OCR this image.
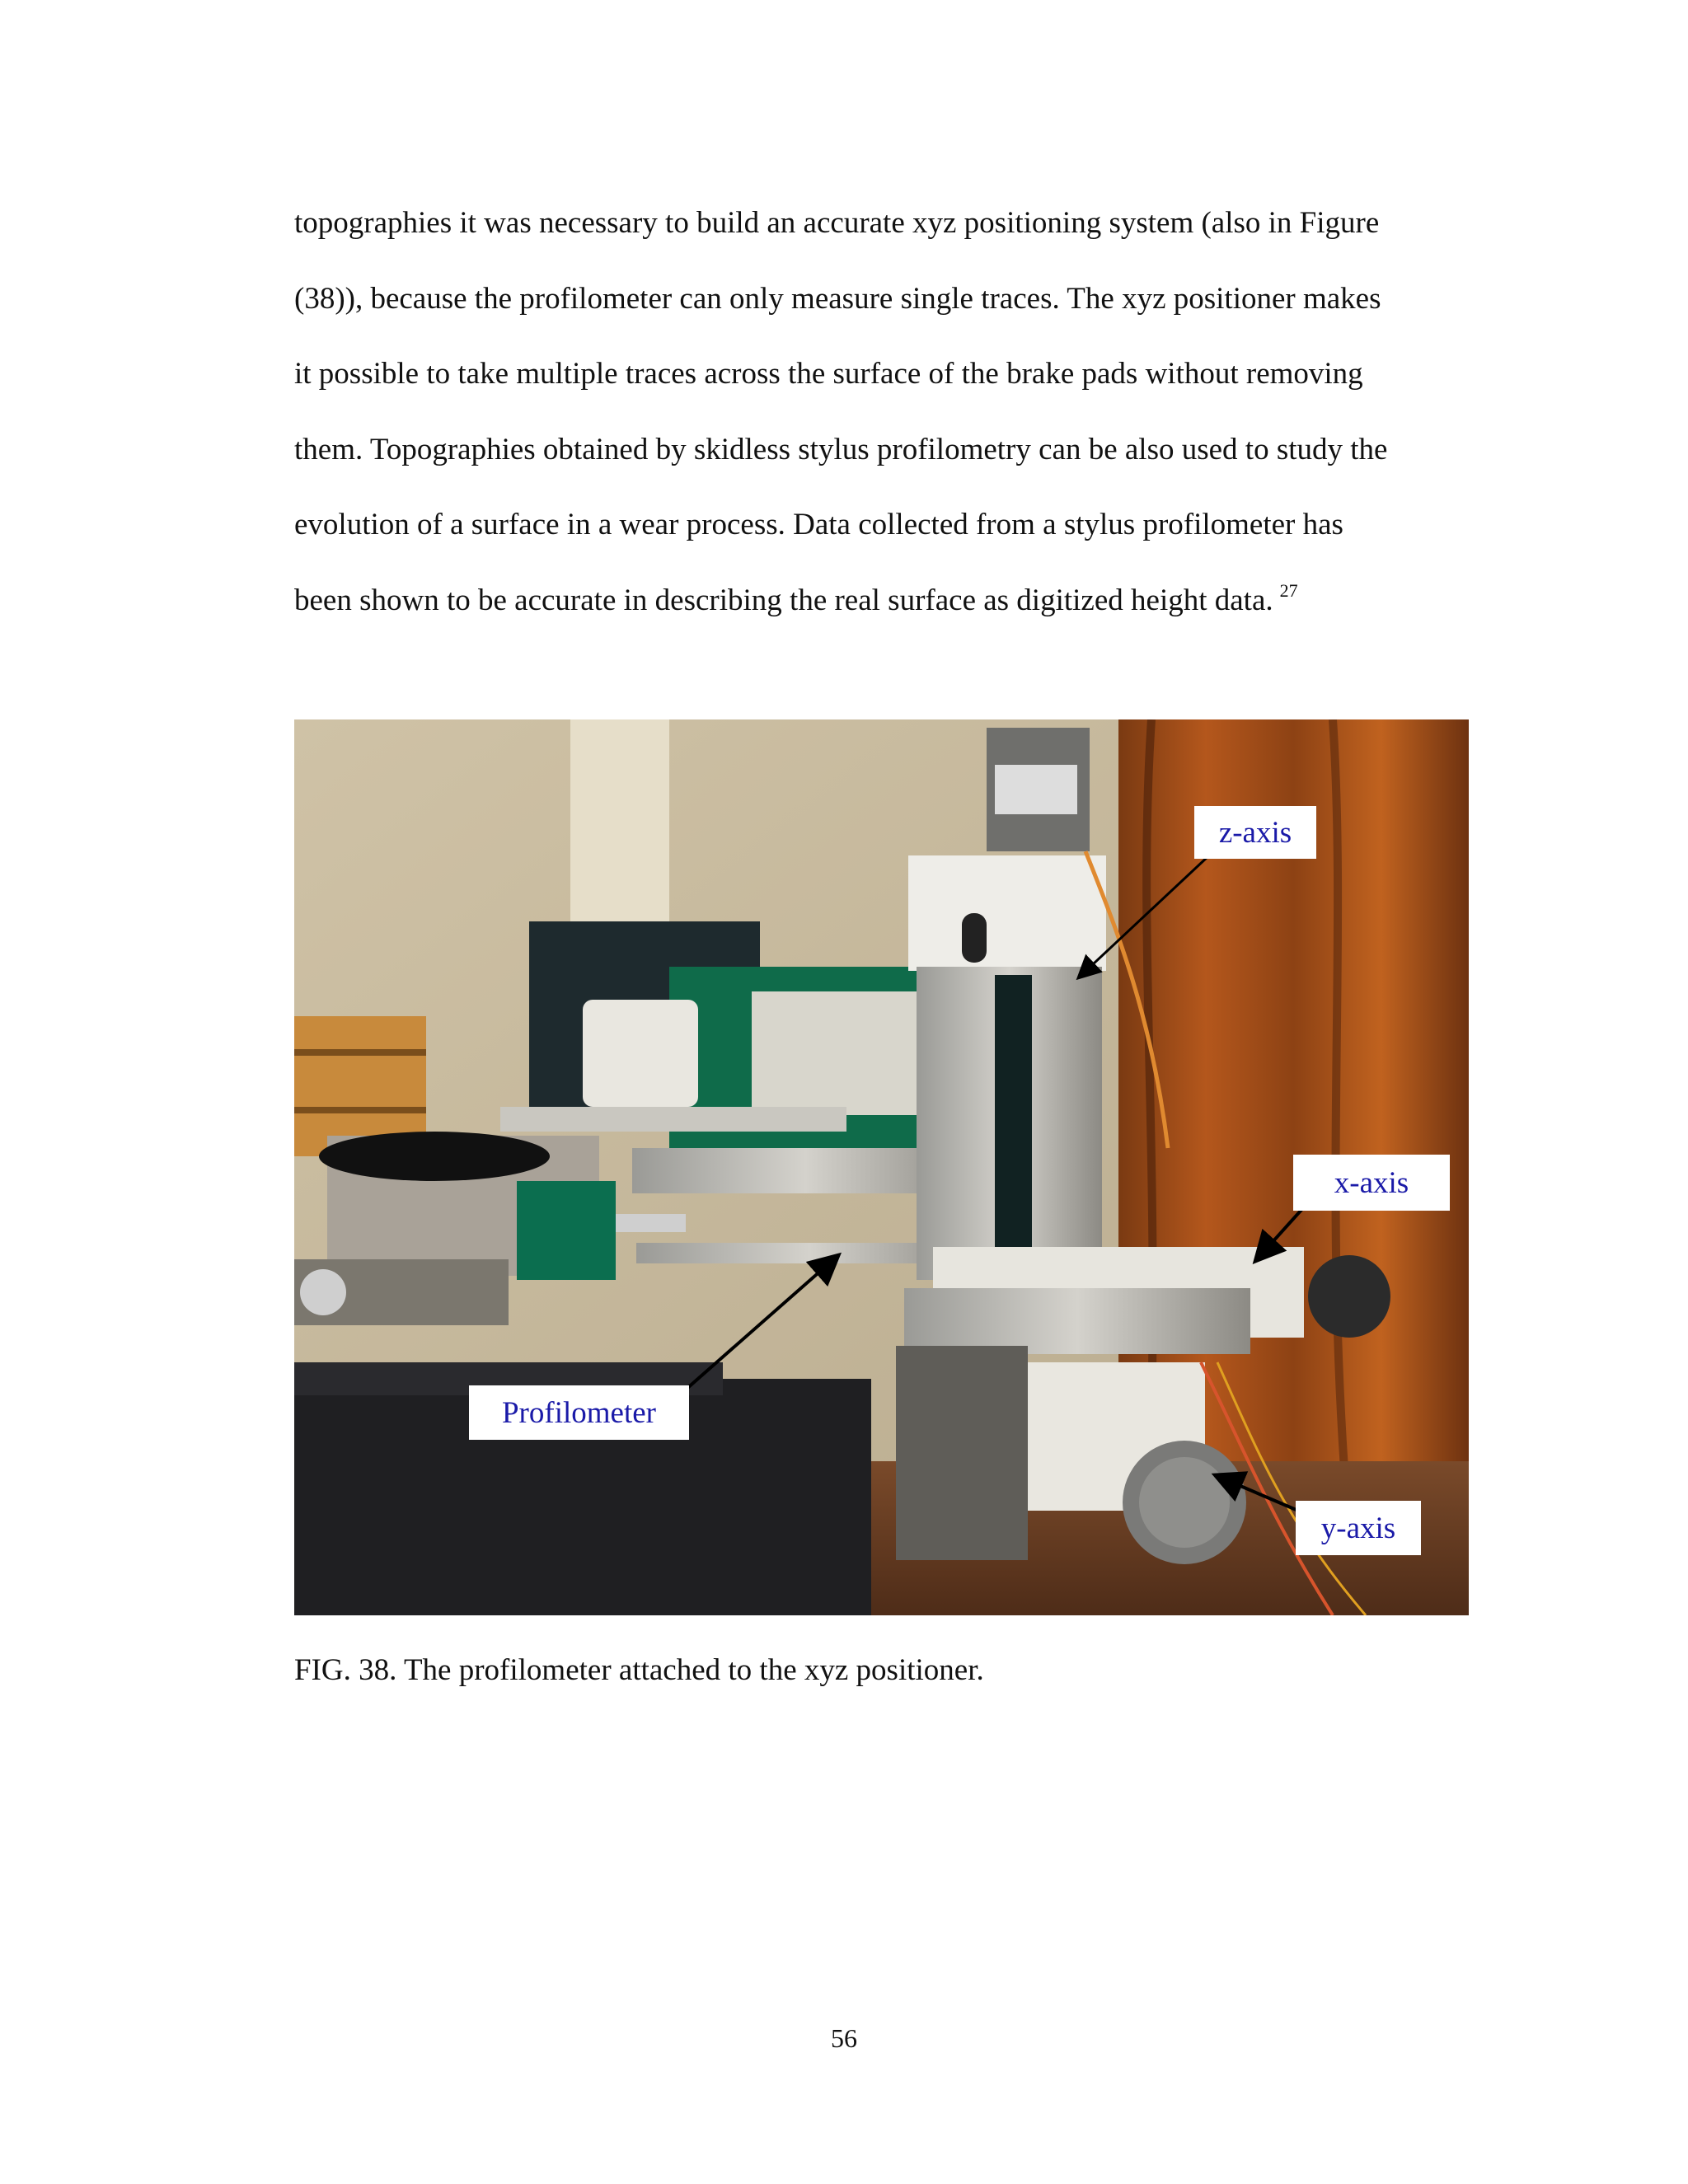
topographies it was necessary to build an accurate xyz positioning system (also in Figure
(38)), because the profilometer can only measure single traces. The xyz positioner makes
it possible to take multiple traces across the surface of the brake pads without removing
them. Topographies obtained by skidless stylus profilometry can be also used to study the
evolution of a surface in a wear process. Data collected from a stylus profilometer has
been shown to be accurate in describing the real surface as digitized height data. $^{27}$
z-axis
x-axis
Profilometer
y-axis

FIG. 38. The profilometer attached to the xyz positioner.

56
